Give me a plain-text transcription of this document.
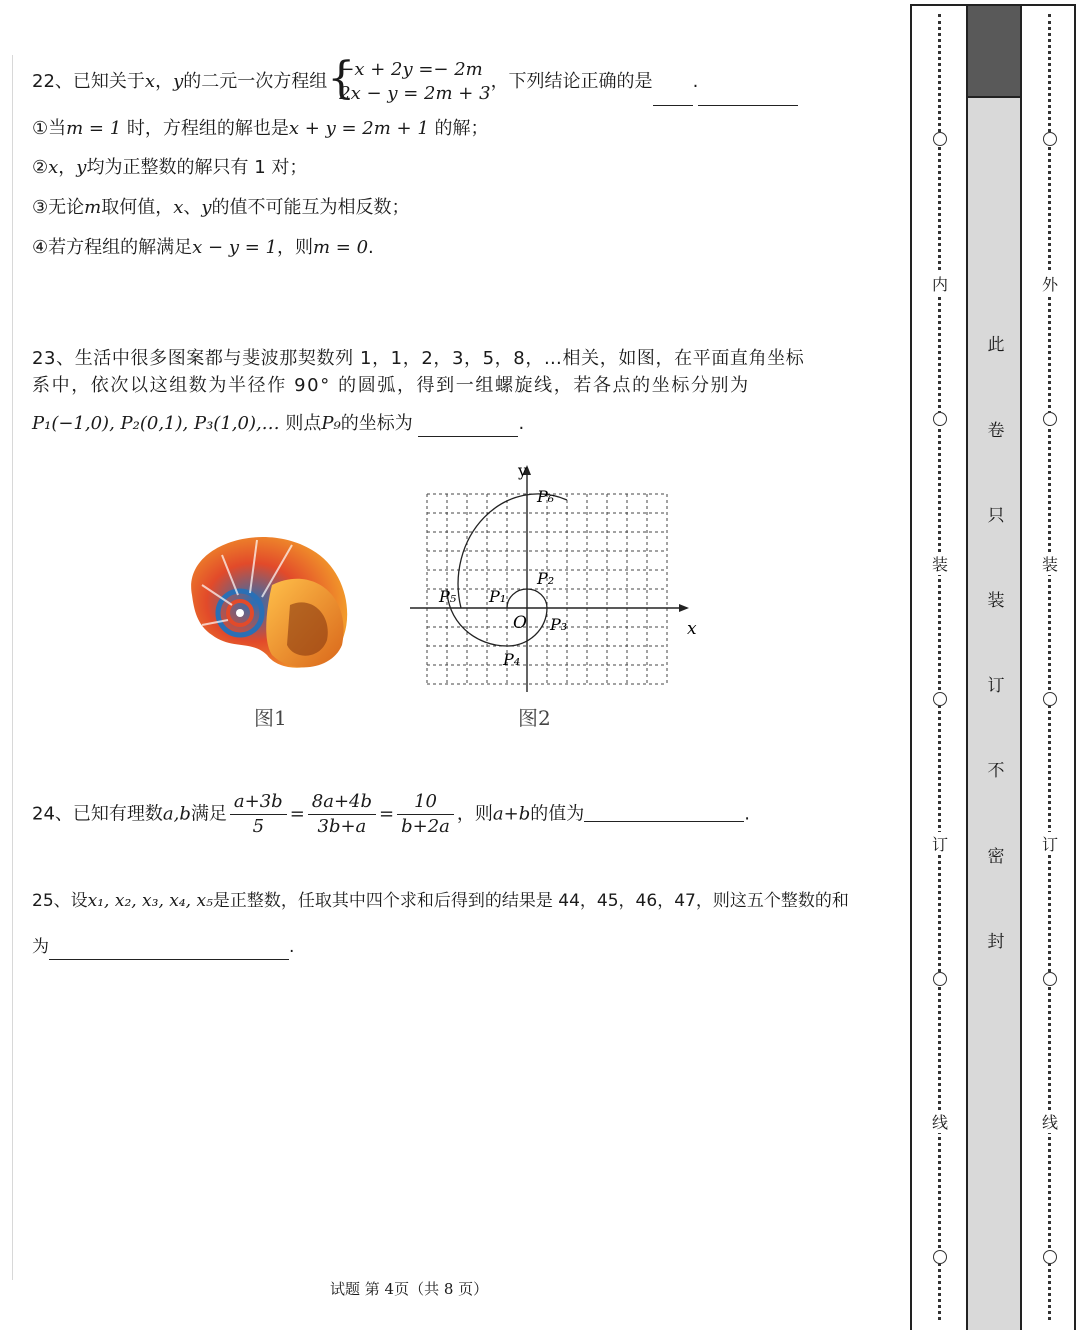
22、已知关于x，y的二元一次方程组 {
−x + 2y =− 2m
2x − y = 2m + 3
，下列结论正确的是 .
①当m = 1 时，方程组的解也是x + y = 2m + 1 的解；
②x，y均为正整数的解只有 1 对；
③无论m取何值，x、y的值不可能互为相反数；
④若方程组的解满足x − y = 1，则m = 0.
23、生活中很多图案都与斐波那契数列 1，1，2，3，5，8，…相关，如图，在平面直角坐标
系中，依次以这组数为半径作 90° 的圆弧，得到一组螺旋线，若各点的坐标分别为
P₁(−1,0), P₂(0,1), P₃(1,0),… 则点P₉的坐标为	.
图1
y
x
O
P₁
P₂
P₃
P₄
P₅
P₆
图2
24、已知有理数a,b满足 $\frac{a+3b}{5} = \frac{8a+4b}{3b+a} = \frac{10}{b+2a}$ ，则a+b的值为	.
25、设x₁, x₂, x₃, x₄, x₅是正整数，任取其中四个求和后得到的结果是 44，45，46，47，则这五个整数的和
为	.
试题 第 4页（共 8 页）
内
装
订
线
此
卷
只
装
订
不
密
封
外
装
订
线
